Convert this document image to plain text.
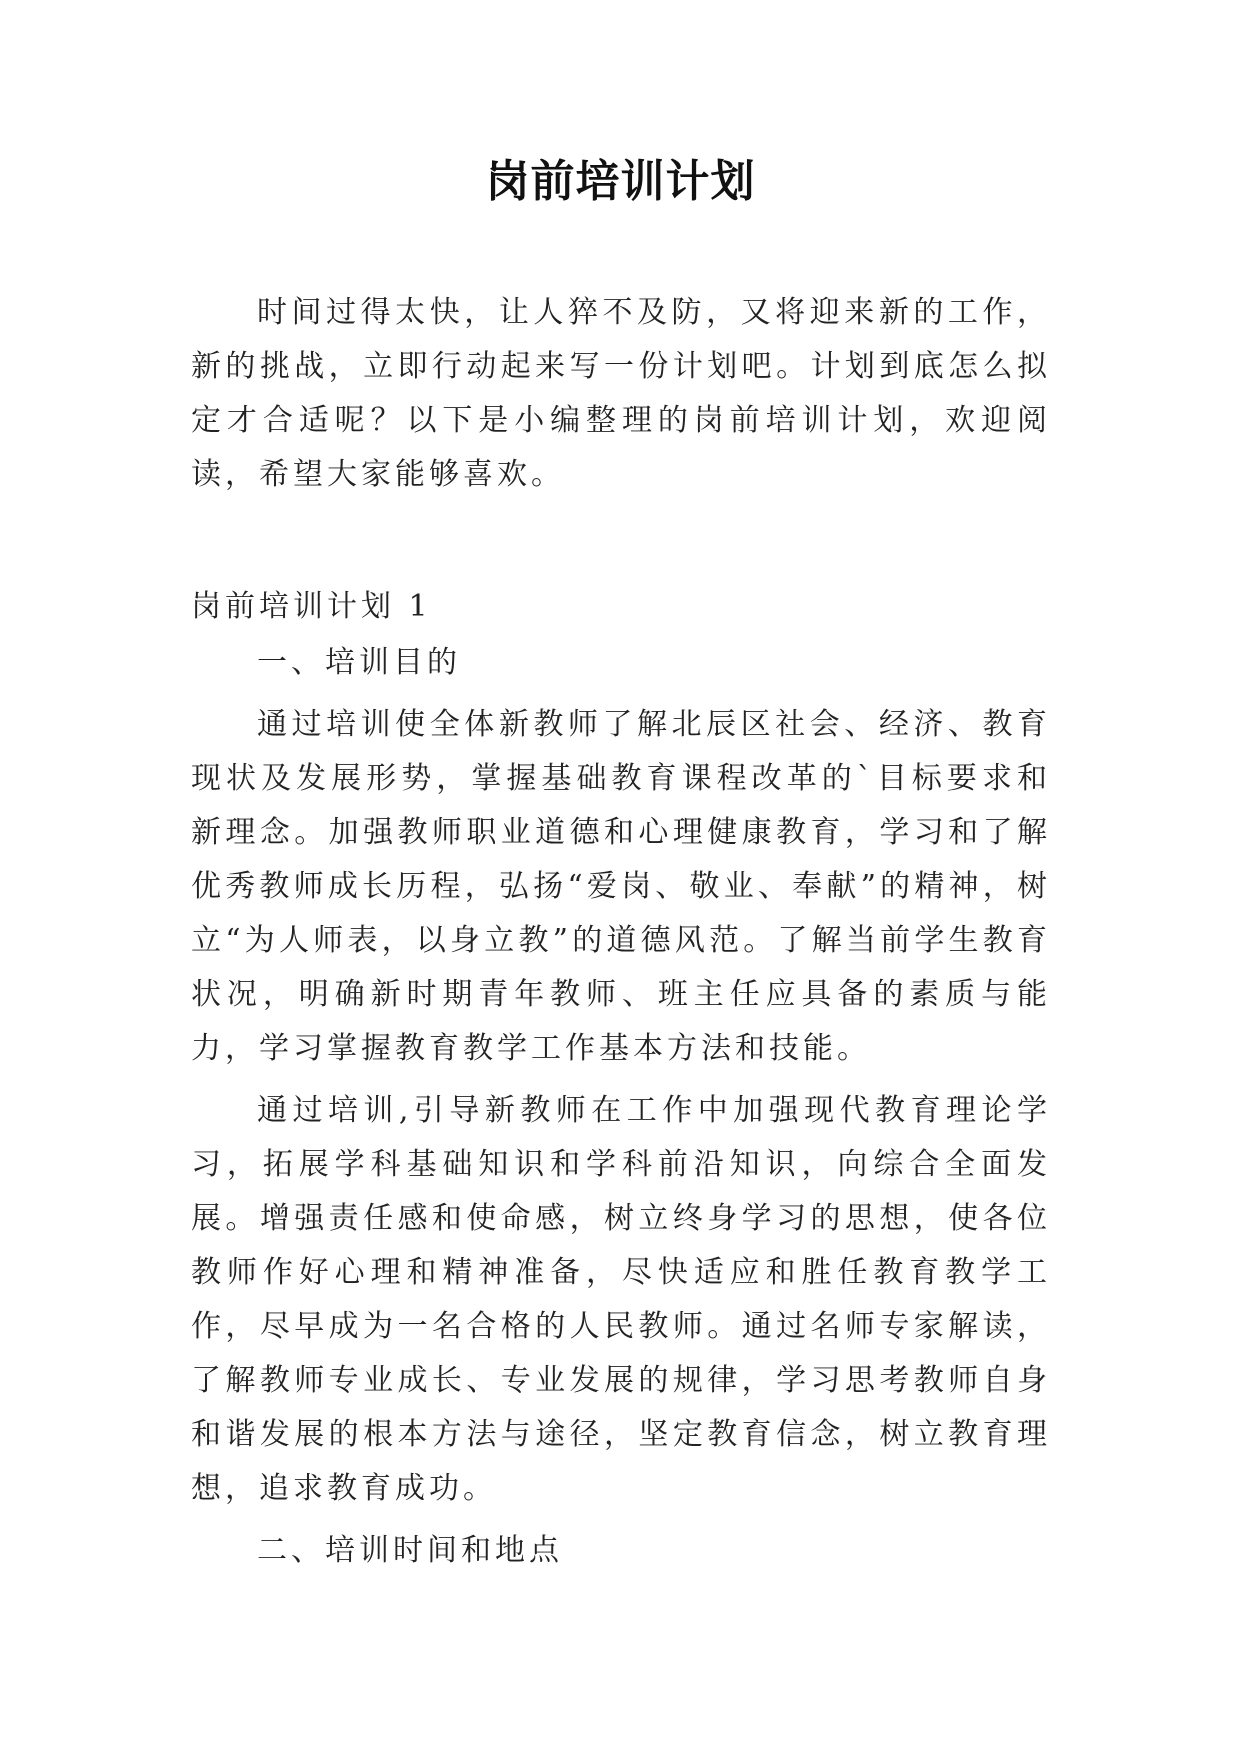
岗前培训计划

时间过得太快，让人猝不及防，又将迎来新的工作，新的挑战，立即行动起来写一份计划吧。计划到底怎么拟定才合适呢？以下是小编整理的岗前培训计划，欢迎阅读，希望大家能够喜欢。

岗前培训计划 1

一、培训目的

通过培训使全体新教师了解北辰区社会、经济、教育现状及发展形势，掌握基础教育课程改革的`目标要求和新理念。加强教师职业道德和心理健康教育，学习和了解优秀教师成长历程，弘扬“爱岗、敬业、奉献”的精神，树立“为人师表，以身立教”的道德风范。了解当前学生教育状况，明确新时期青年教师、班主任应具备的素质与能力，学习掌握教育教学工作基本方法和技能。

通过培训,引导新教师在工作中加强现代教育理论学习，拓展学科基础知识和学科前沿知识，向综合全面发展。增强责任感和使命感，树立终身学习的思想，使各位教师作好心理和精神准备，尽快适应和胜任教育教学工作，尽早成为一名合格的人民教师。通过名师专家解读，了解教师专业成长、专业发展的规律，学习思考教师自身和谐发展的根本方法与途径，坚定教育信念，树立教育理想，追求教育成功。

二、培训时间和地点
